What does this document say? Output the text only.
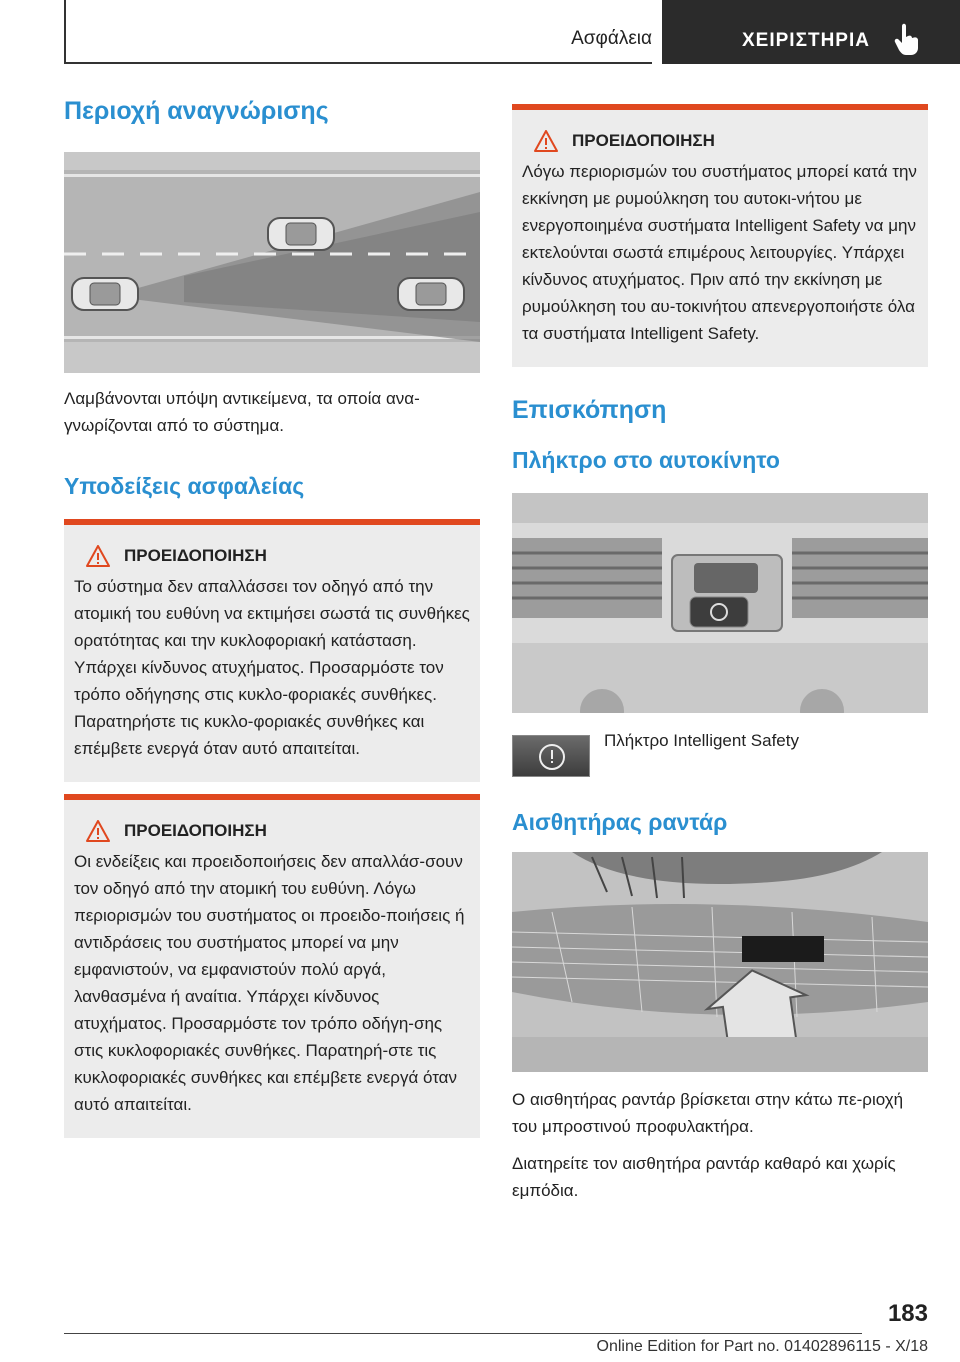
Ασφάλεια	ΧΕΙΡΙΣΤΗΡΙΑ
Περιοχή αναγνώρισης

Λαμβάνονται υπόψη αντικείμενα, τα οποία ανα-γνωρίζονται από το σύστημα.

Υποδείξεις ασφαλείας
ΠΡΟΕΙΔΟΠΟΙΗΣΗ

Το σύστημα δεν απαλλάσσει τον οδηγό από την ατομική του ευθύνη να εκτιμήσει σωστά τις συνθήκες ορατότητας και την κυκλοφοριακή κατάσταση. Υπάρχει κίνδυνος ατυχήματος. Προσαρμόστε τον τρόπο οδήγησης στις κυκλο-φοριακές συνθήκες. Παρατηρήστε τις κυκλο-φοριακές συνθήκες και επέμβετε ενεργά όταν αυτό απαιτείται.

ΠΡΟΕΙΔΟΠΟΙΗΣΗ

Οι ενδείξεις και προειδοποιήσεις δεν απαλλάσ-σουν τον οδηγό από την ατομική του ευθύνη. Λόγω περιορισμών του συστήματος οι προειδο-ποιήσεις ή αντιδράσεις του συστήματος μπορεί να μην εμφανιστούν, να εμφανιστούν πολύ αργά, λανθασμένα ή αναίτια. Υπάρχει κίνδυνος ατυχήματος. Προσαρμόστε τον τρόπο οδήγη-σης στις κυκλοφοριακές συνθήκες. Παρατηρή-στε τις κυκλοφοριακές συνθήκες και επέμβετε ενεργά όταν αυτό απαιτείται.

ΠΡΟΕΙΔΟΠΟΙΗΣΗ

Λόγω περιορισμών του συστήματος μπορεί κατά την εκκίνηση με ρυμούλκηση του αυτοκι-νήτου με ενεργοποιημένα συστήματα Intelligent Safety να μην εκτελούνται σωστά επιμέρους λειτουργίες. Υπάρχει κίνδυνος ατυχήματος. Πριν από την εκκίνηση με ρυμούλκηση του αυ-τοκινήτου απενεργοποιήστε όλα τα συστήματα Intelligent Safety.

Επισκόπηση
Πλήκτρο στο αυτοκίνητο

Πλήκτρο Intelligent Safety

Αισθητήρας ραντάρ

Ο αισθητήρας ραντάρ βρίσκεται στην κάτω πε-ριοχή του μπροστινού προφυλακτήρα.

Διατηρείτε τον αισθητήρα ραντάρ καθαρό και χωρίς εμπόδια.

183
Online Edition for Part no. 01402896115 - X/18
